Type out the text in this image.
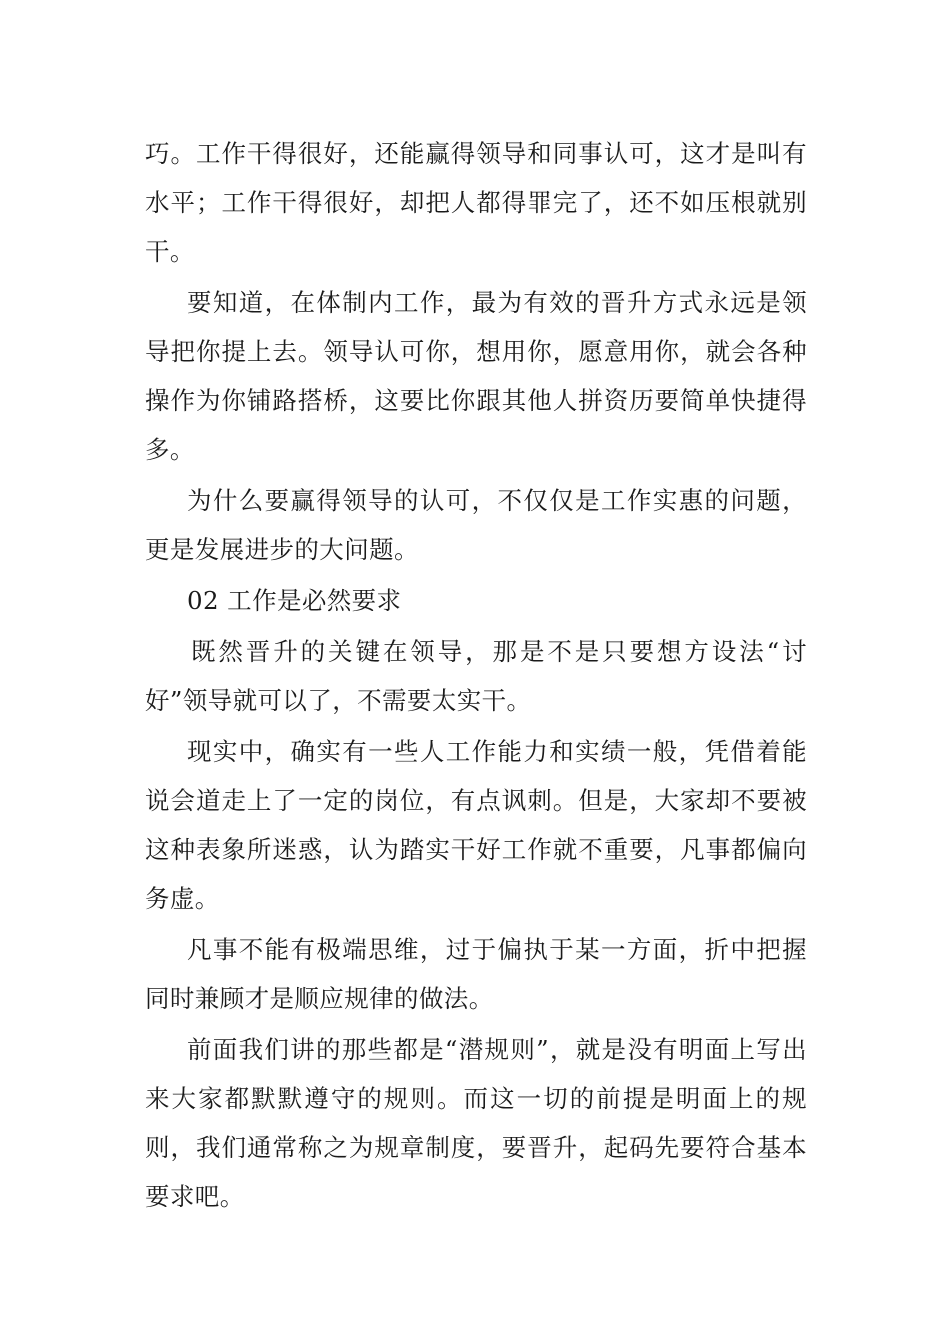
巧。工作干得很好，还能赢得领导和同事认可，这才是叫有水平；工作干得很好，却把人都得罪完了，还不如压根就别干。

要知道，在体制内工作，最为有效的晋升方式永远是领导把你提上去。领导认可你，想用你，愿意用你，就会各种操作为你铺路搭桥，这要比你跟其他人拼资历要简单快捷得多。

为什么要赢得领导的认可，不仅仅是工作实惠的问题，更是发展进步的大问题。

02 工作是必然要求

既然晋升的关键在领导，那是不是只要想方设法“讨好”领导就可以了，不需要太实干。

现实中，确实有一些人工作能力和实绩一般，凭借着能说会道走上了一定的岗位，有点讽刺。但是，大家却不要被这种表象所迷惑，认为踏实干好工作就不重要，凡事都偏向务虚。

凡事不能有极端思维，过于偏执于某一方面，折中把握同时兼顾才是顺应规律的做法。

前面我们讲的那些都是“潜规则”，就是没有明面上写出来大家都默默遵守的规则。而这一切的前提是明面上的规则，我们通常称之为规章制度，要晋升，起码先要符合基本要求吧。
